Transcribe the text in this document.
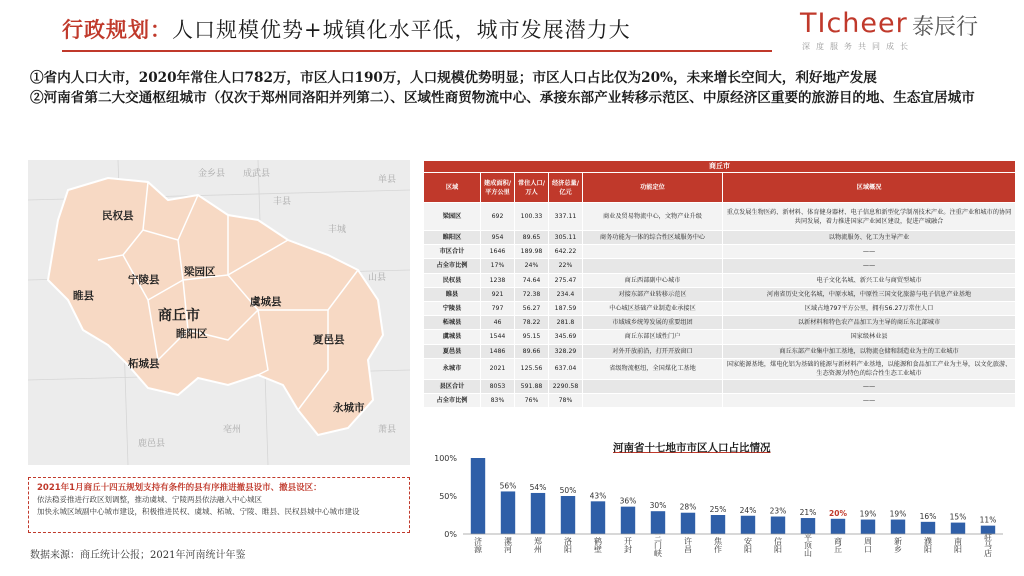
行政规划：人口规模优势+城镇化水平低，城市发展潜力大	TIcheer 泰辰行
深度服务共同成长

①省内人口大市，2020年常住人口782万，市区人口190万，人口规模优势明显；市区人口占比仅为20%，未来增长空间大，利好地产发展

②河南省第二大交通枢纽城市（仅次于郑州同洛阳并列第二）、区域性商贸物流中心、承接东部产业转移示范区、中原经济区重要的旅游目的地、生态宜居城市

成武县
单县
丰县
丰城
山县
金乡县
鹿邑县
亳州	萧县
民权县
宁陵县
梁园区
睢县
睢阳区
虞城县
柘城县
夏邑县
永城市
商丘市
2021年1月商丘十四五规划支持有条件的县有序推进撤县设市、撤县设区：
依法稳妥推进行政区划调整，推动虞城、宁陵两县依法融入中心城区
加快永城区域副中心城市建设，积极推进民权、虞城、柘城、宁陵、睢县、民权县城中心城市建设
数据来源：商丘统计公报；2021年河南统计年鉴
商丘市					
区域	建成面积/平方公里	常住人口/万人	经济总量/亿元	功能定位	区域概况
梁园区	692	100.33	337.11	商业及贸易物流中心，文物产业升级	重点发展生物医药、新材料、体育健身器材、电子信息和新型化学制剂技术产业。注重产业和城市的协同共同发展，着力推进国家产业园区建设，促进产城融合
睢阳区	954	89.65	305.11	商务功能为一体的综合性区域服务中心	以物流服务、化工为主导产业
市区合计	1646	189.98	642.22		——
占全市比例	17%	24%	22%		——
民权县	1238	74.64	275.47	商丘西部副中心城市	电子文化名城、新兴工业与商贸型城市
睢县	921	72.38	234.4	对接东部产业转移示范区	河南省历史文化名城，中原水城，中原性三国文化旅游与电子信息产业基地
宁陵县	797	56.27	187.59	中心城区基础产业制造业承接区	区域占地797平方公里，拥有56.27万常住人口
柘城县	46	78.22	281.8	市域城乡统筹发展的重要组团	以新材料和特色农产品加工为主导的商丘东北部城市
虞城县	1544	95.15	345.69	商丘东部区域性门户	国家级林业县
夏邑县	1486	89.66	328.29	对外开放前沿，打开开放窗口	商丘东部产业集中加工基地，以物流仓储和制造业为主的工业城市
永城市	2021	125.56	637.04	省级物流枢纽，全国煤化工基地	国家能源基地，煤电化铝为基础的能源与新材料产业基地，以能源和食品加工产业为主导，以文化旅游、生态资源为特色的综合性生态工业城市
县区合计	8053	591.88	2290.58		——
占全市比例	83%	76%	78%		——
河南省十七地市市区人口占比情况
0%
50%
100%
济源
56%
漯河
54%
郑州
50%
洛阳
43%
鹤壁
36%
开封
30%
三门峡
28%
许昌
25%
焦作
24%
安阳
23%
信阳
21%
平顶山
20%
商丘
19%
周口
19%
新乡
16%
濮阳
15%
南阳
11%
驻马店
